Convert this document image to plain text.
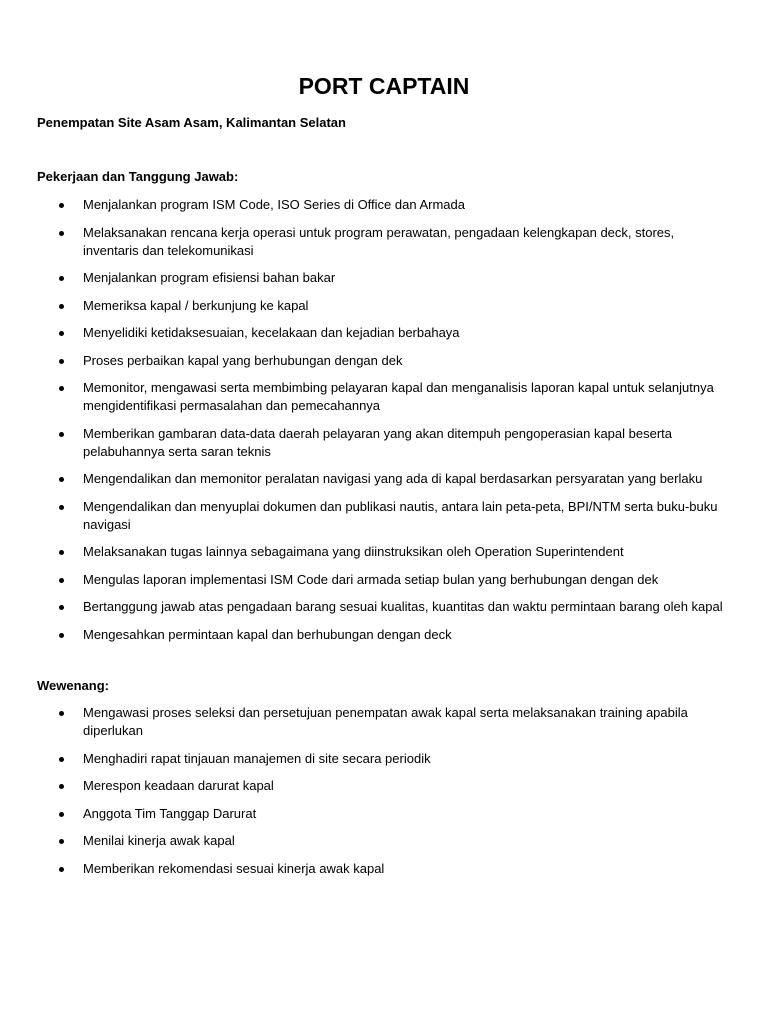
PORT CAPTAIN

Penempatan Site Asam Asam, Kalimantan Selatan

Pekerjaan dan Tanggung Jawab:

Menjalankan program ISM Code, ISO Series di Office dan Armada
Melaksanakan rencana kerja operasi untuk program perawatan, pengadaan kelengkapan deck, stores, inventaris dan telekomunikasi
Menjalankan program efisiensi bahan bakar
Memeriksa kapal / berkunjung ke kapal
Menyelidiki ketidaksesuaian, kecelakaan dan kejadian berbahaya
Proses perbaikan kapal yang berhubungan dengan dek
Memonitor, mengawasi serta membimbing pelayaran kapal dan menganalisis laporan kapal untuk selanjutnya mengidentifikasi permasalahan dan pemecahannya
Memberikan gambaran data-data daerah pelayaran yang akan ditempuh pengoperasian kapal beserta pelabuhannya serta saran teknis
Mengendalikan dan memonitor peralatan navigasi yang ada di kapal berdasarkan persyaratan yang berlaku
Mengendalikan dan menyuplai dokumen dan publikasi nautis, antara lain peta-peta, BPI/NTM serta buku-buku navigasi
Melaksanakan tugas lainnya sebagaimana yang diinstruksikan oleh Operation Superintendent
Mengulas laporan implementasi ISM Code dari armada setiap bulan yang berhubungan dengan dek
Bertanggung jawab atas pengadaan barang sesuai kualitas, kuantitas dan waktu permintaan barang oleh kapal
Mengesahkan permintaan kapal dan berhubungan dengan deck

Wewenang:

Mengawasi proses seleksi dan persetujuan penempatan awak kapal serta melaksanakan training apabila diperlukan
Menghadiri rapat tinjauan manajemen di site secara periodik
Merespon keadaan darurat kapal
Anggota Tim Tanggap Darurat
Menilai kinerja awak kapal
Memberikan rekomendasi sesuai kinerja awak kapal
